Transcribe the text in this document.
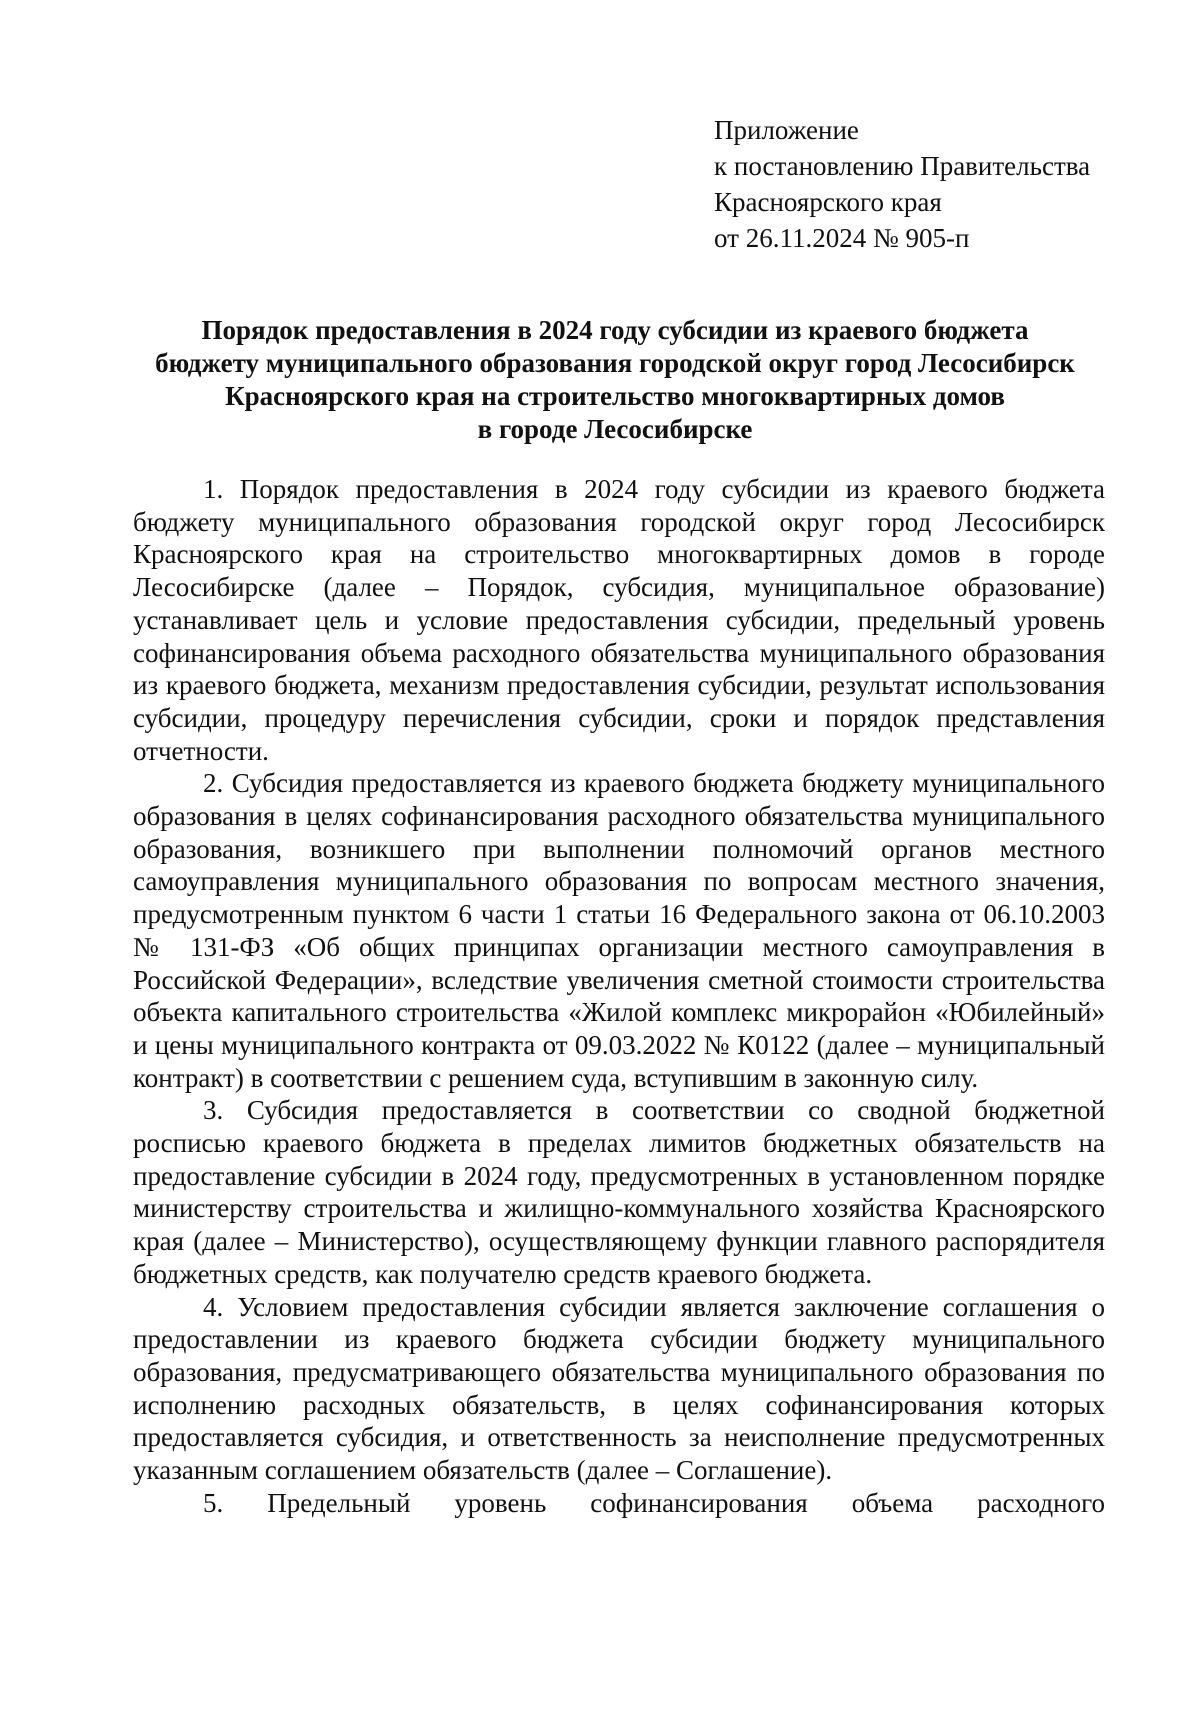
Приложение
к постановлению Правительства
Красноярского края
от 26.11.2024 № 905-п
Порядок предоставления в 2024 году субсидии из краевого бюджета
бюджету муниципального образования городской округ город Лесосибирск
Красноярского края на строительство многоквартирных домов
в городе Лесосибирске

1. Порядок предоставления в 2024 году субсидии из краевого бюджета бюджету муниципального образования городской округ город Лесосибирск Красноярского края на строительство многоквартирных домов в городе Лесосибирске (далее – Порядок, субсидия, муниципальное образование) устанавливает цель и условие предоставления субсидии, предельный уровень софинансирования объема расходного обязательства муниципального образования из краевого бюджета, механизм предоставления субсидии, результат использования субсидии, процедуру перечисления субсидии, сроки и порядок представления отчетности.

2. Субсидия предоставляется из краевого бюджета бюджету муниципального образования в целях софинансирования расходного обязательства муниципального образования, возникшего при выполнении полномочий органов местного самоуправления муниципального образования по вопросам местного значения, предусмотренным пунктом 6 части 1 статьи 16 Федерального закона от 06.10.2003 № 131-ФЗ «Об общих принципах организации местного самоуправления в Российской Федерации», вследствие увеличения сметной стоимости строительства объекта капитального строительства «Жилой комплекс микрорайон «Юбилейный» и цены муниципального контракта от 09.03.2022 № К0122 (далее – муниципальный контракт) в соответствии с решением суда, вступившим в законную силу.

3. Субсидия предоставляется в соответствии со сводной бюджетной росписью краевого бюджета в пределах лимитов бюджетных обязательств на предоставление субсидии в 2024 году, предусмотренных в установленном порядке министерству строительства и жилищно-коммунального хозяйства Красноярского края (далее – Министерство), осуществляющему функции главного распорядителя бюджетных средств, как получателю средств краевого бюджета.

4. Условием предоставления субсидии является заключение соглашения о предоставлении из краевого бюджета субсидии бюджету муниципального образования, предусматривающего обязательства муниципального образования по исполнению расходных обязательств, в целях софинансирования которых предоставляется субсидия, и ответственность за неисполнение предусмотренных указанным соглашением обязательств (далее – Соглашение).

5. Предельный уровень софинансирования объема расходного
